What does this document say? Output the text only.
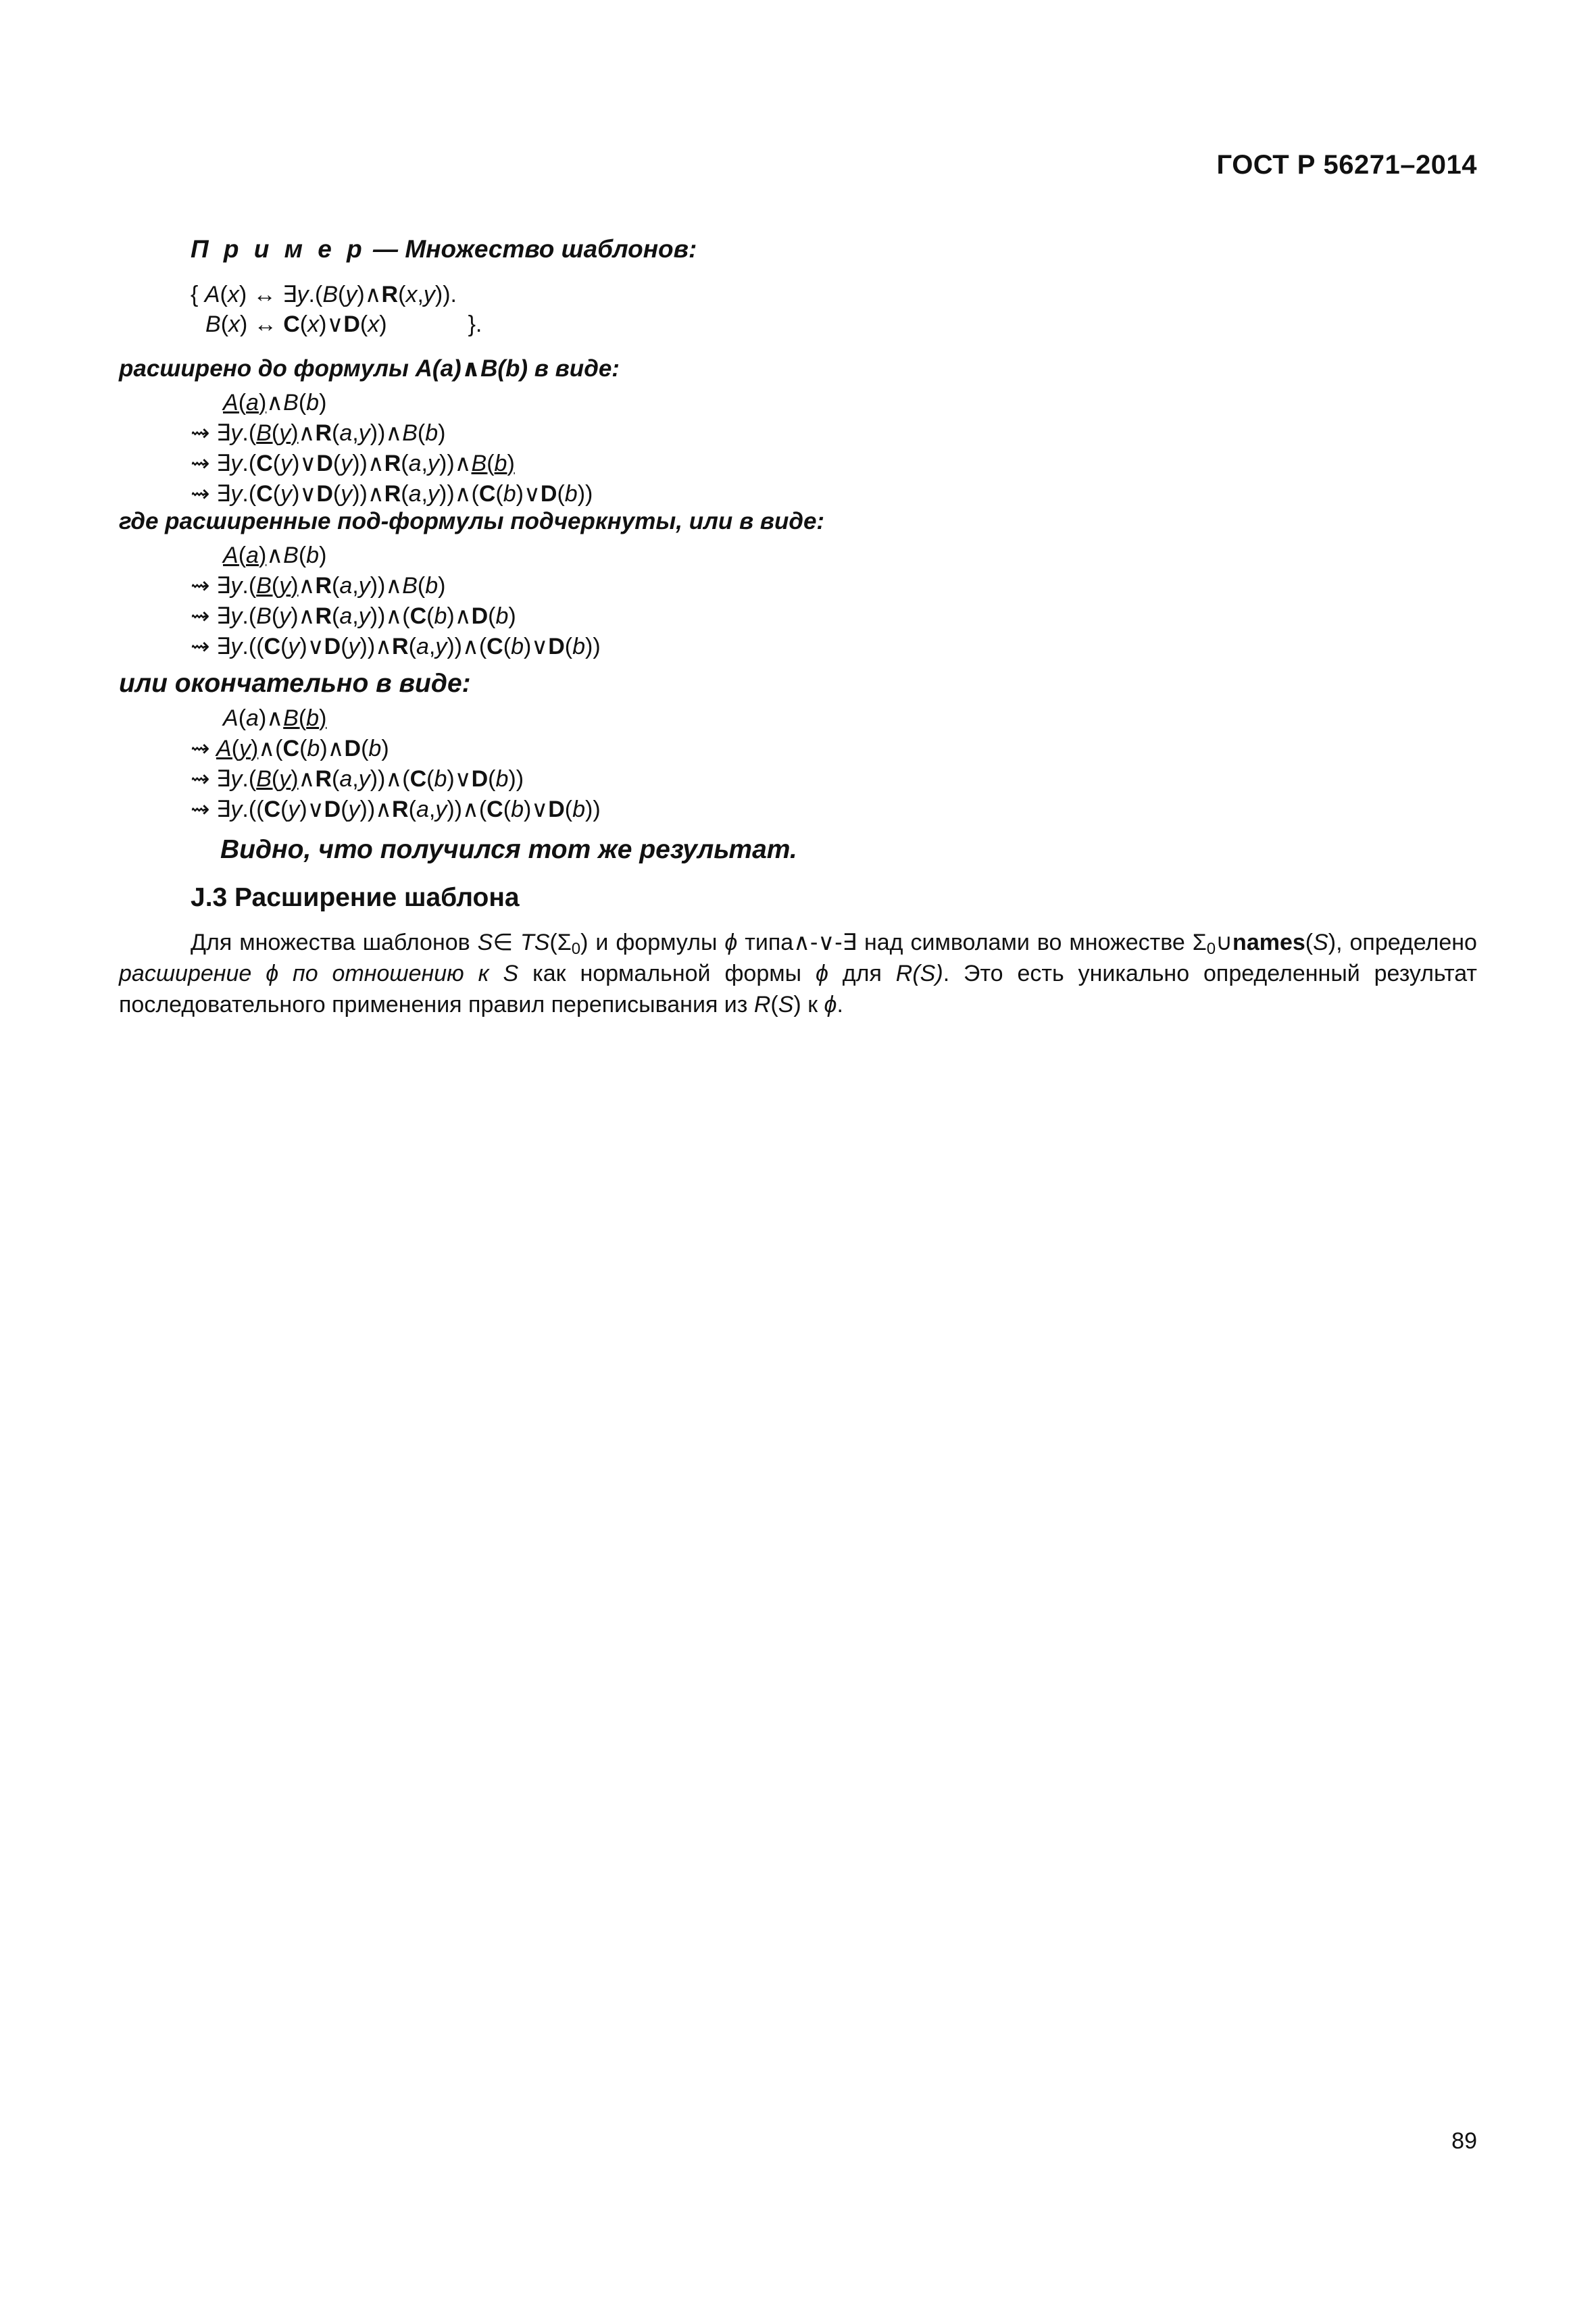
ГОСТ Р 56271–2014
П р и м е р — Множество шаблонов:
{ A(x) ↔ ∃y.(B(y)∧R(x,y)).
B(x) ↔ C(x)∨D(x)	}.
расширено до формулы A(a)∧B(b) в виде:
A(a)∧B(b)
⇝ ∃y.(B(y)∧R(a,y))∧B(b)
⇝ ∃y.(C(y)∨D(y))∧R(a,y))∧B(b)
⇝ ∃y.(C(y)∨D(y))∧R(a,y))∧(C(b)∨D(b))
где расширенные под-формулы подчеркнуты, или в виде:
A(a)∧B(b)
⇝ ∃y.(B(y)∧R(a,y))∧B(b)
⇝ ∃y.(B(y)∧R(a,y))∧(C(b)∧D(b)
⇝ ∃y.((C(y)∨D(y))∧R(a,y))∧(C(b)∨D(b))
или окончательно в виде:
A(a)∧B(b)
⇝ A(y)∧(C(b)∧D(b)
⇝ ∃y.(B(y)∧R(a,y))∧(C(b)∨D(b))
⇝ ∃y.((C(y)∨D(y))∧R(a,y))∧(C(b)∨D(b))
Видно, что получился тот же результат.
J.3 Расширение шаблона
Для множества шаблонов S∈ $TS(\Sigma_0)$ и формулы ϕ типа∧-∨-∃ над символами во множестве $\Sigma_0\cup names(S)$, определено расширение ϕ по отношению к S как нормальной формы ϕ для R(S). Это есть уникально определенный результат последовательного применения правил переписывания из R(S) к ϕ.
89
